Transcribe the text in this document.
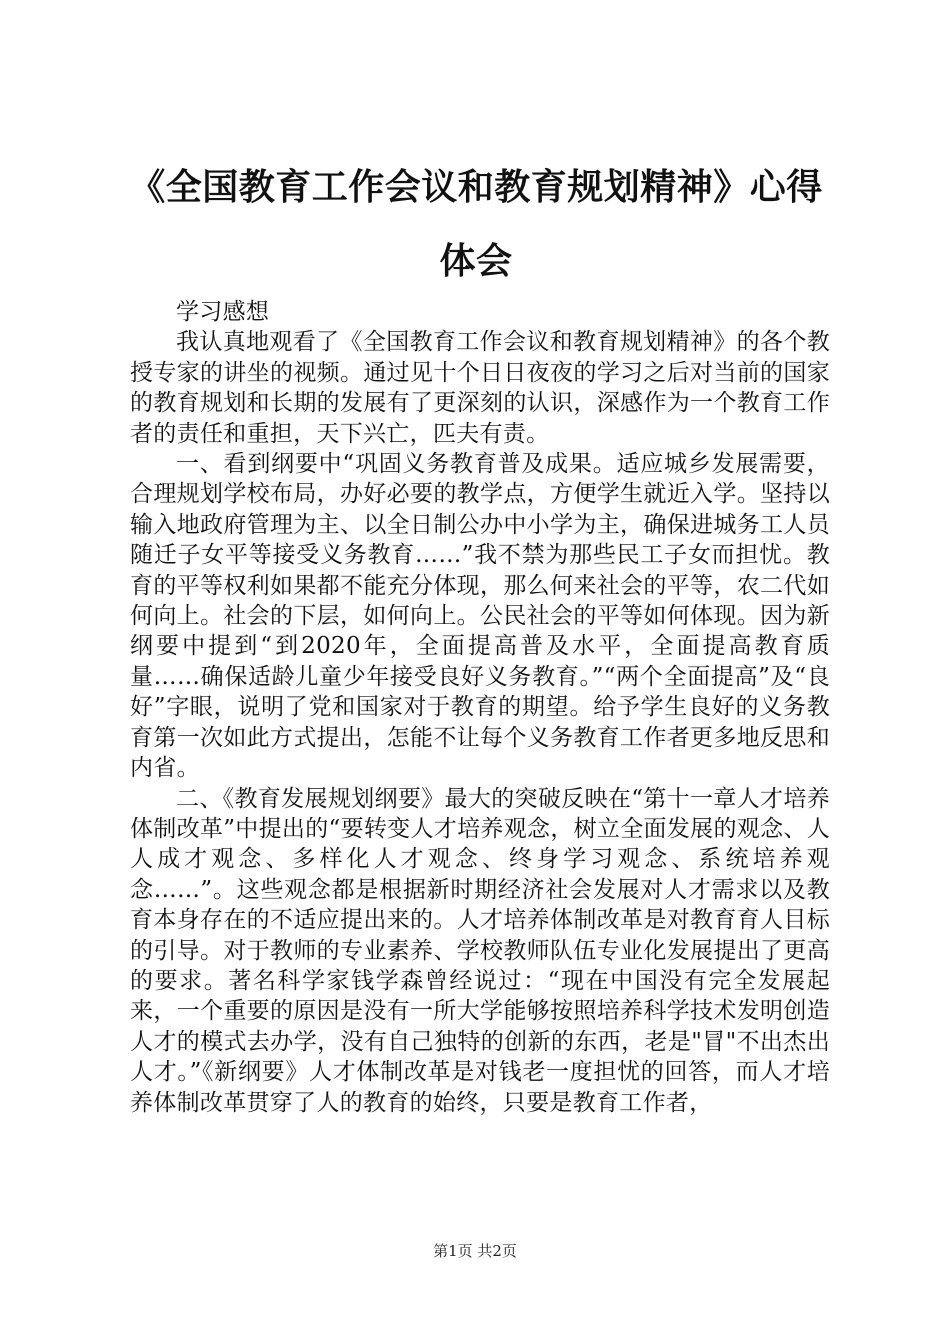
《全国教育工作会议和教育规划精神》心得体会

学习感想

我认真地观看了《全国教育工作会议和教育规划精神》的各个教授专家的讲坐的视频。通过见十个日日夜夜的学习之后对当前的国家的教育规划和长期的发展有了更深刻的认识，深感作为一个教育工作者的责任和重担，天下兴亡，匹夫有责。

一、看到纲要中“巩固义务教育普及成果。适应城乡发展需要，合理规划学校布局，办好必要的教学点，方便学生就近入学。坚持以输入地政府管理为主、以全日制公办中小学为主，确保进城务工人员随迁子女平等接受义务教育……”我不禁为那些民工子女而担忧。教育的平等权利如果都不能充分体现，那么何来社会的平等，农二代如何向上。社会的下层，如何向上。公民社会的平等如何体现。因为新纲要中提到“到2020年，全面提高普及水平，全面提高教育质量……确保适龄儿童少年接受良好义务教育。”“两个全面提高”及“良好”字眼，说明了党和国家对于教育的期望。给予学生良好的义务教育第一次如此方式提出，怎能不让每个义务教育工作者更多地反思和内省。

二、《教育发展规划纲要》最大的突破反映在“第十一章人才培养体制改革”中提出的“要转变人才培养观念，树立全面发展的观念、人人成才观念、多样化人才观念、终身学习观念、系统培养观念……”。这些观念都是根据新时期经济社会发展对人才需求以及教育本身存在的不适应提出来的。人才培养体制改革是对教育育人目标的引导。对于教师的专业素养、学校教师队伍专业化发展提出了更高的要求。著名科学家钱学森曾经说过：“现在中国没有完全发展起来，一个重要的原因是没有一所大学能够按照培养科学技术发明创造人才的模式去办学，没有自己独特的创新的东西，老是"冒"不出杰出人才。”《新纲要》人才体制改革是对钱老一度担忧的回答，而人才培养体制改革贯穿了人的教育的始终，只要是教育工作者，

第1页 共2页
